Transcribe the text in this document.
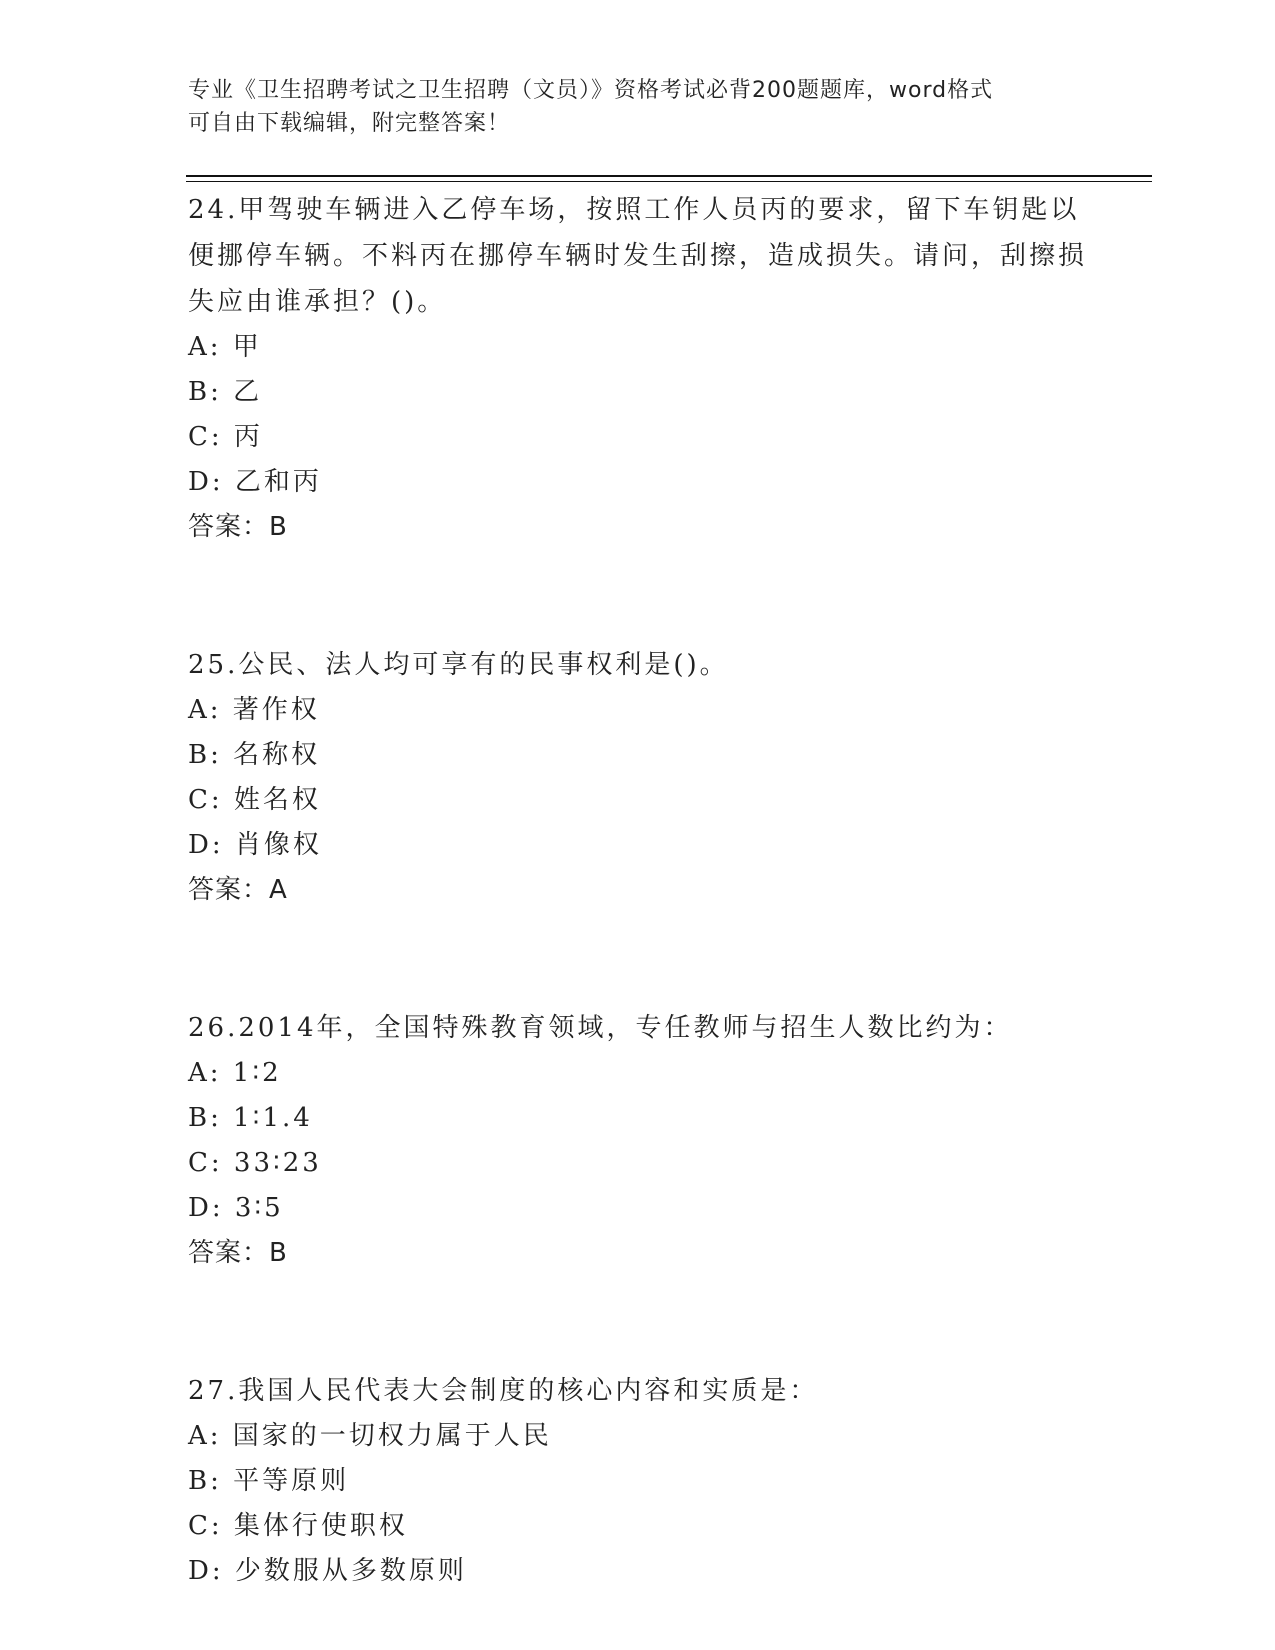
专业《卫生招聘考试之卫生招聘（文员）》资格考试必背200题题库，word格式
可自由下载编辑，附完整答案！

24.甲驾驶车辆进入乙停车场，按照工作人员丙的要求，留下车钥匙以便挪停车辆。不料丙在挪停车辆时发生刮擦，造成损失。请问，刮擦损失应由谁承担？()。

A: 甲

B: 乙

C: 丙

D: 乙和丙

答案：B

25.公民、法人均可享有的民事权利是()。

A: 著作权

B: 名称权

C: 姓名权

D: 肖像权

答案：A

26.2014年，全国特殊教育领域，专任教师与招生人数比约为：

A: 1∶2

B: 1∶1.4

C: 33∶23

D: 3∶5

答案：B

27.我国人民代表大会制度的核心内容和实质是：

A: 国家的一切权力属于人民

B: 平等原则

C: 集体行使职权

D: 少数服从多数原则
